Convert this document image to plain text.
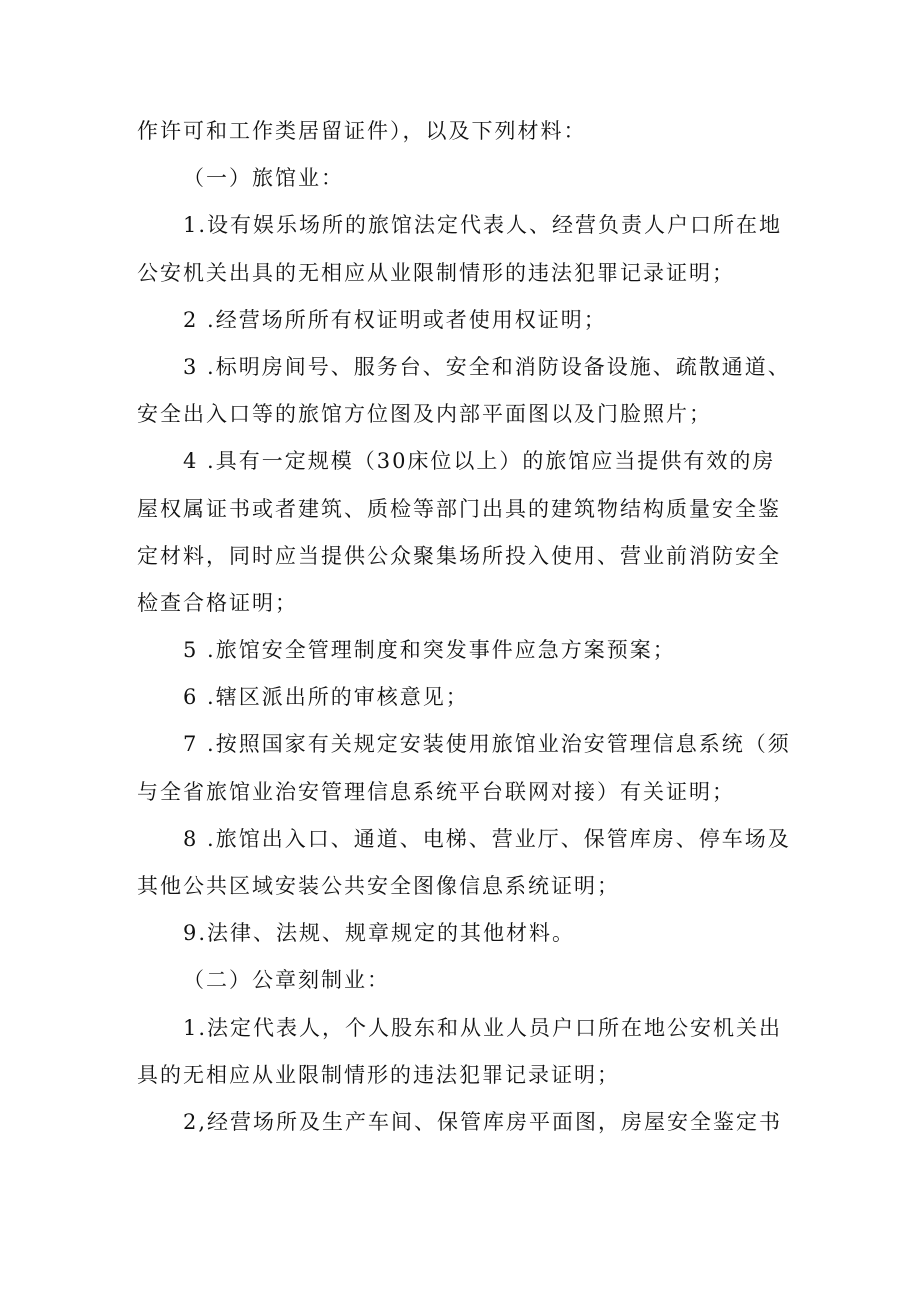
作许可和工作类居留证件），以及下列材料：
（一）旅馆业：
1.设有娱乐场所的旅馆法定代表人、经营负责人户口所在地
公安机关出具的无相应从业限制情形的违法犯罪记录证明；
2 .经营场所所有权证明或者使用权证明；
3 .标明房间号、服务台、安全和消防设备设施、疏散通道、
安全出入口等的旅馆方位图及内部平面图以及门脸照片；
4 .具有一定规模（30床位以上）的旅馆应当提供有效的房
屋权属证书或者建筑、质检等部门出具的建筑物结构质量安全鉴
定材料，同时应当提供公众聚集场所投入使用、营业前消防安全
检查合格证明；
5 .旅馆安全管理制度和突发事件应急方案预案；
6 .辖区派出所的审核意见；
7 .按照国家有关规定安装使用旅馆业治安管理信息系统（须
与全省旅馆业治安管理信息系统平台联网对接）有关证明；
8 .旅馆出入口、通道、电梯、营业厅、保管库房、停车场及
其他公共区域安装公共安全图像信息系统证明；
9.法律、法规、规章规定的其他材料。
（二）公章刻制业：
1.法定代表人，个人股东和从业人员户口所在地公安机关出
具的无相应从业限制情形的违法犯罪记录证明；
2,经营场所及生产车间、保管库房平面图，房屋安全鉴定书
